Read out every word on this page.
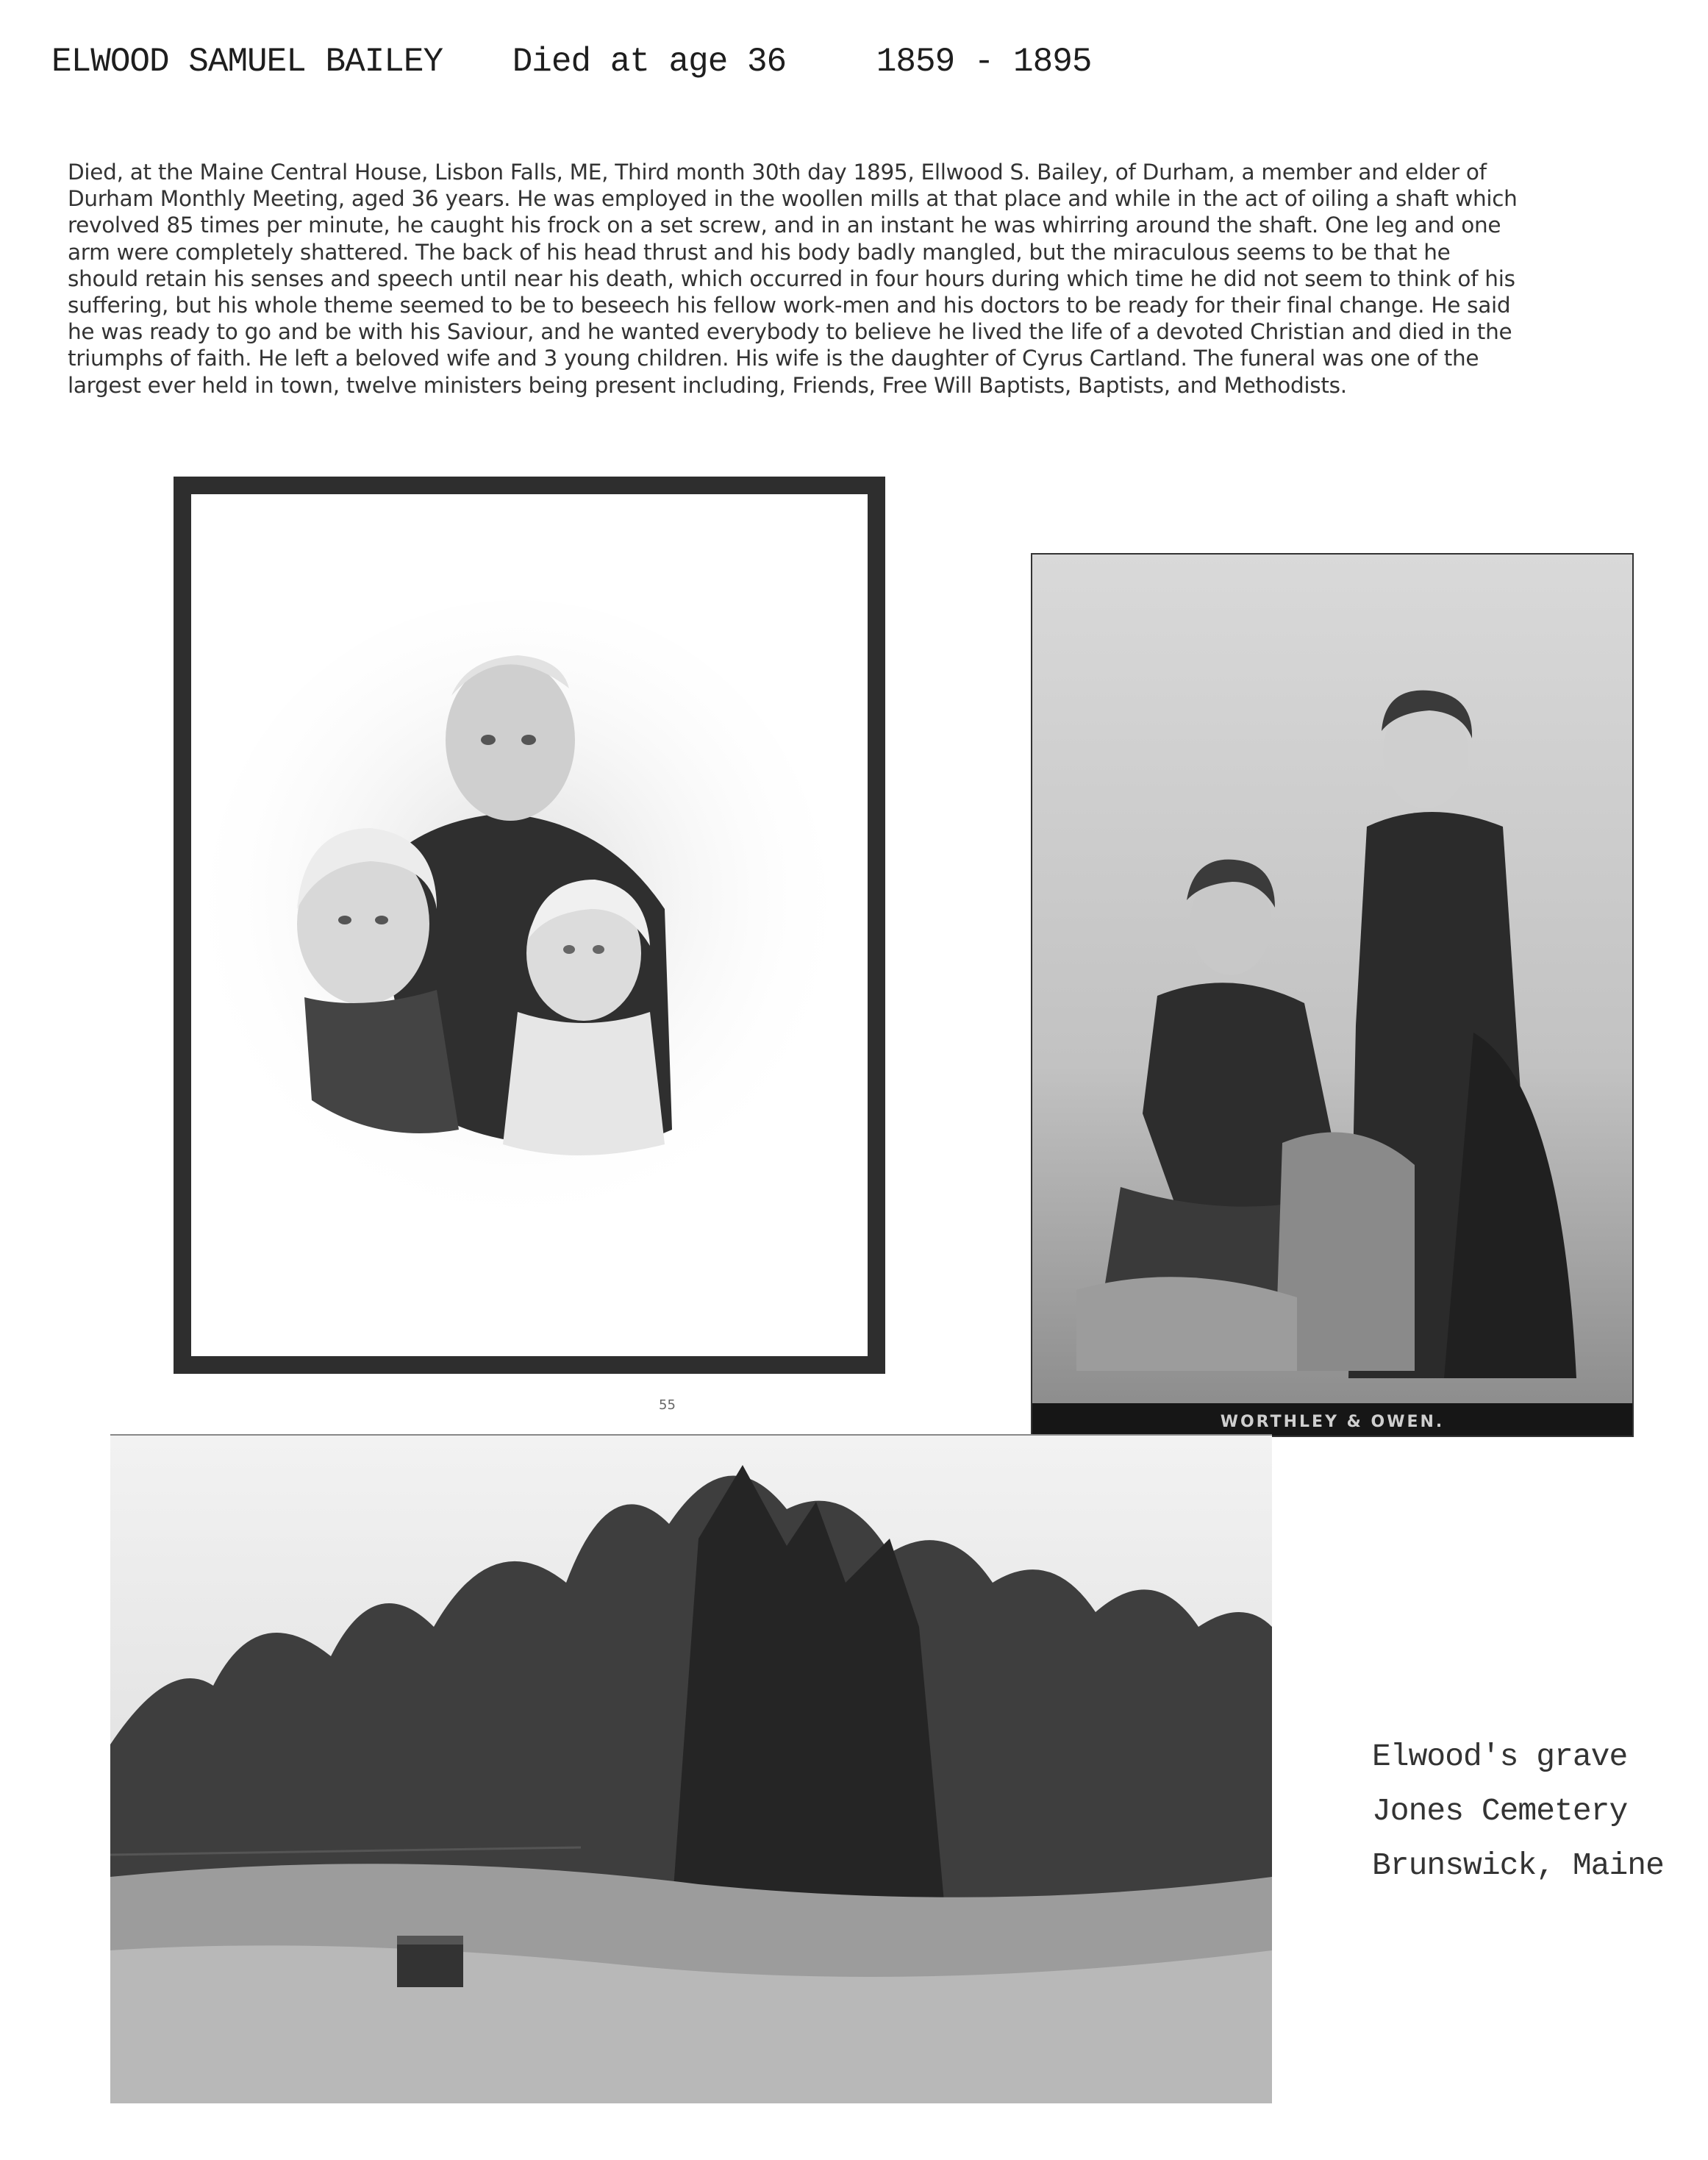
ELWOOD SAMUEL BAILEY Died at age 36	1859 - 1895

Died, at the Maine Central House, Lisbon Falls, ME, Third month 30th day 1895, Ellwood S. Bailey, of Durham, a member and elder of Durham Monthly Meeting, aged 36 years. He was employed in the woollen mills at that place and while in the act of oiling a shaft which revolved 85 times per minute, he caught his frock on a set screw, and in an instant he was whirring around the shaft. One leg and one arm were completely shattered. The back of his head thrust and his body badly mangled, but the miraculous seems to be that he should retain his senses and speech until near his death, which occurred in four hours during which time he did not seem to think of his suffering, but his whole theme seemed to be to beseech his fellow work-men and his doctors to be ready for their final change. He said he was ready to go and be with his Saviour, and he wanted everybody to believe he lived the life of a devoted Christian and died in the triumphs of faith. He left a beloved wife and 3 young children. His wife is the daughter of Cyrus Cartland. The funeral was one of the largest ever held in town, twelve ministers being present including, Friends, Free Will Baptists, Baptists, and Methodists.

WORTHLEY & OWEN.
55
Elwood's grave
Jones Cemetery
Brunswick, Maine
